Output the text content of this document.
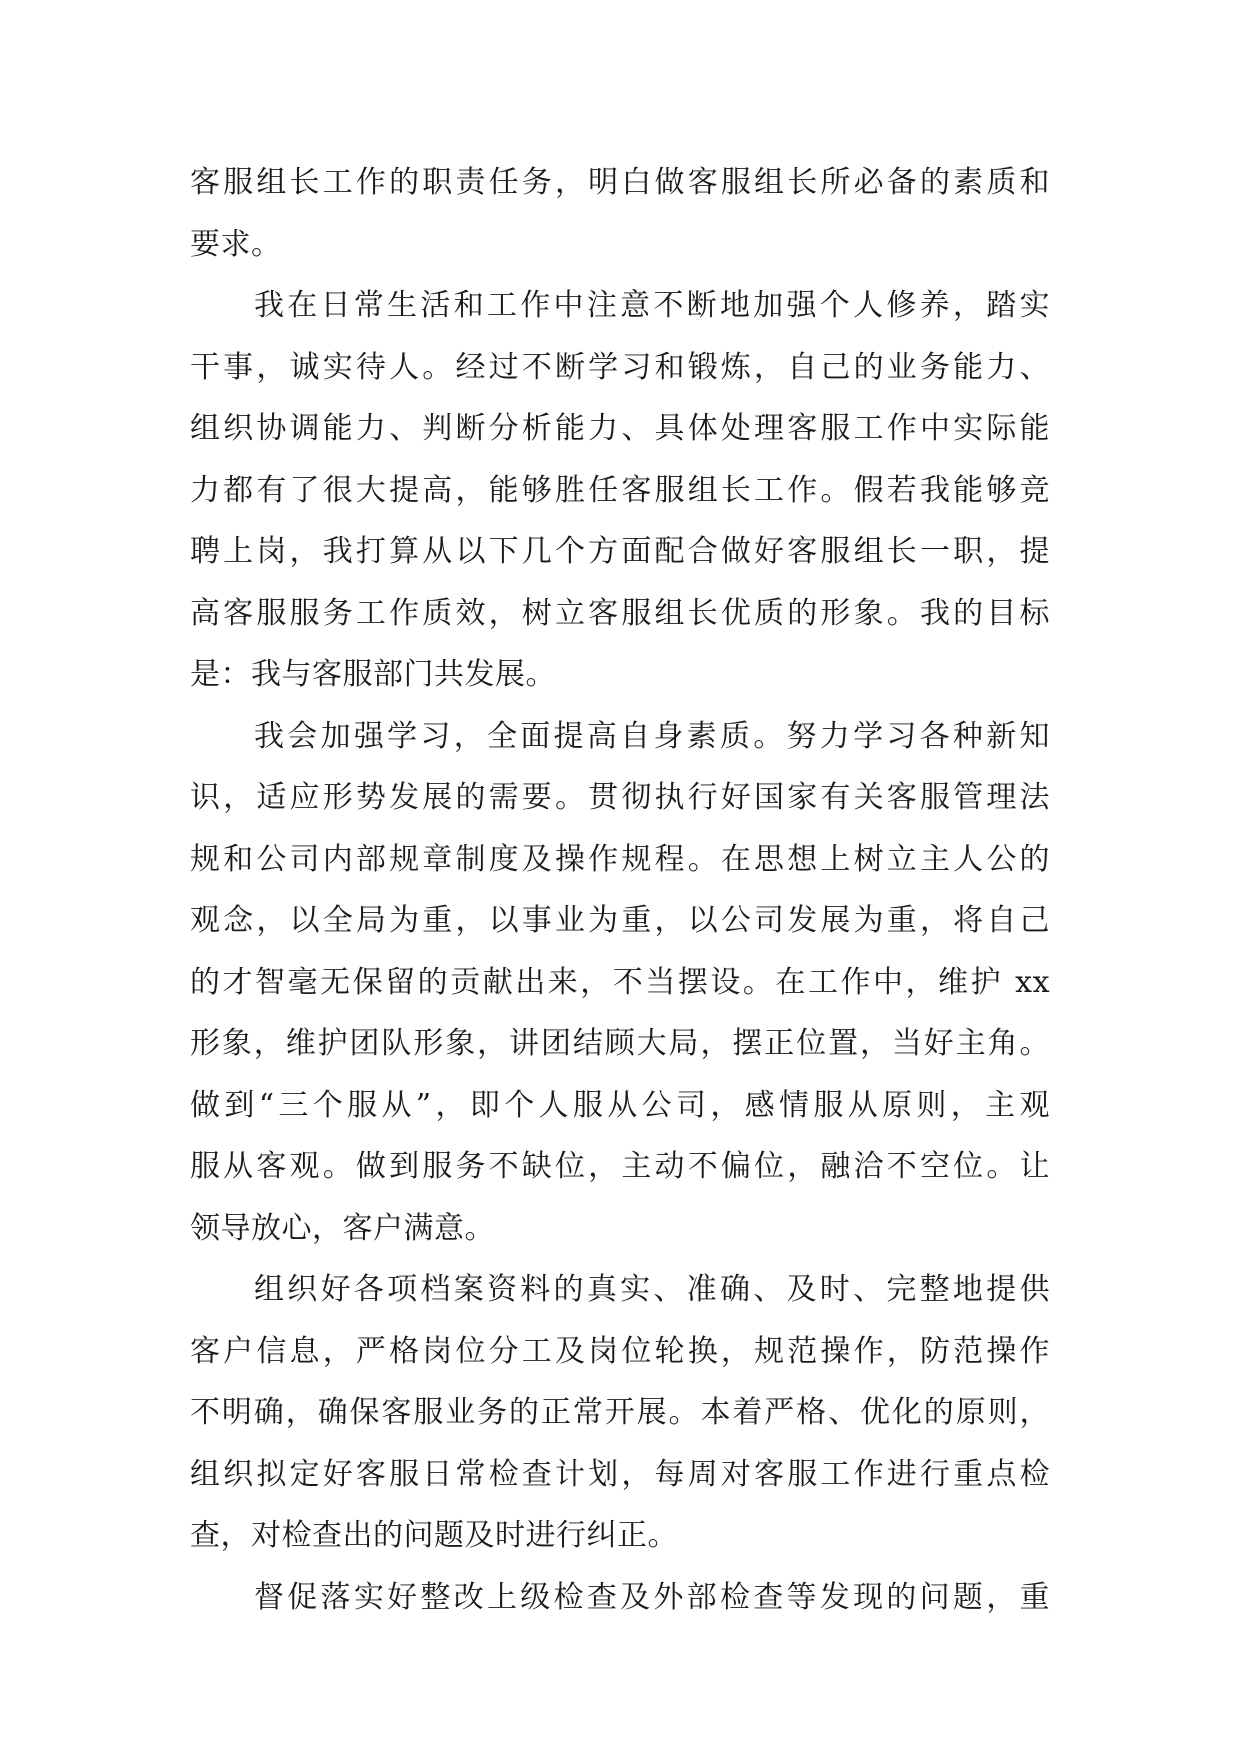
客服组长工作的职责任务，明白做客服组长所必备的素质和
要求。
我在日常生活和工作中注意不断地加强个人修养，踏实
干事，诚实待人。经过不断学习和锻炼，自己的业务能力、
组织协调能力、判断分析能力、具体处理客服工作中实际能
力都有了很大提高，能够胜任客服组长工作。假若我能够竞
聘上岗，我打算从以下几个方面配合做好客服组长一职，提
高客服服务工作质效，树立客服组长优质的形象。我的目标
是：我与客服部门共发展。
我会加强学习，全面提高自身素质。努力学习各种新知
识，适应形势发展的需要。贯彻执行好国家有关客服管理法
规和公司内部规章制度及操作规程。在思想上树立主人公的
观念，以全局为重，以事业为重，以公司发展为重，将自己
的才智毫无保留的贡献出来，不当摆设。在工作中，维护 xx
形象，维护团队形象，讲团结顾大局，摆正位置，当好主角。
做到“三个服从”，即个人服从公司，感情服从原则，主观
服从客观。做到服务不缺位，主动不偏位，融洽不空位。让
领导放心，客户满意。
组织好各项档案资料的真实、准确、及时、完整地提供
客户信息，严格岗位分工及岗位轮换，规范操作，防范操作
不明确，确保客服业务的正常开展。本着严格、优化的原则，
组织拟定好客服日常检查计划，每周对客服工作进行重点检
查，对检查出的问题及时进行纠正。
督促落实好整改上级检查及外部检查等发现的问题，重
